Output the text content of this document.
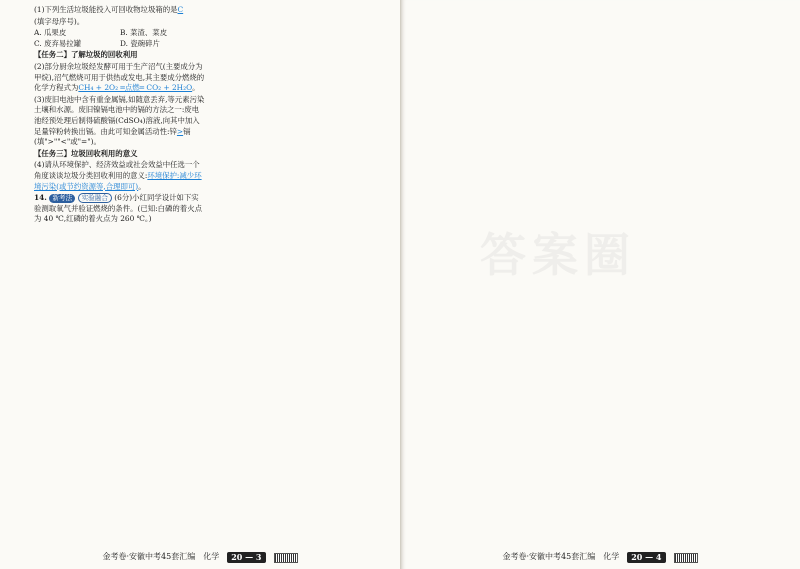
(1)下列生活垃圾能投入可回收物垃圾箱的是C
(填字母序号)。
A. 瓜果皮	B. 菜渣、菜皮
C. 废弃易拉罐	D. 瓷碗碎片
【任务二】了解垃圾的回收利用
(2)部分厨余垃圾经发酵可用于生产沼气(主要成分为甲烷),沼气燃烧可用于供热或发电,其主要成分燃烧的化学方程式为CH₄ + 2O₂ ═点燃═ CO₂ + 2H₂O。
(3)废旧电池中含有重金属镉,如随意丢弃,等元素污染土壤和水源。废旧镍镉电池中的镉的方法之一:废电池经预处理后制得硫酸镉(CdSO₄)溶液,向其中加入足量锌粉转换出镉。由此可知金属活动性:锌>镉(填">""<"或"=")。
【任务三】垃圾回收利用的意义
(4)请从环境保护、经济效益或社会效益中任选一个角度谈谈垃圾分类回收利用的意义:环境保护:减少环境污染(或节约资源等,合理即可)。
14. 新考法 实验融合 (6分)小红同学设计如下实验测取氧气并验证燃烧的条件。(已知:白磷的着火点为 40 ℃,红磷的着火点为 260 ℃。)
金考卷·安徽中考45套汇编 化学	20 — 3
答案圈
金考卷·安徽中考45套汇编 化学	20 — 4
